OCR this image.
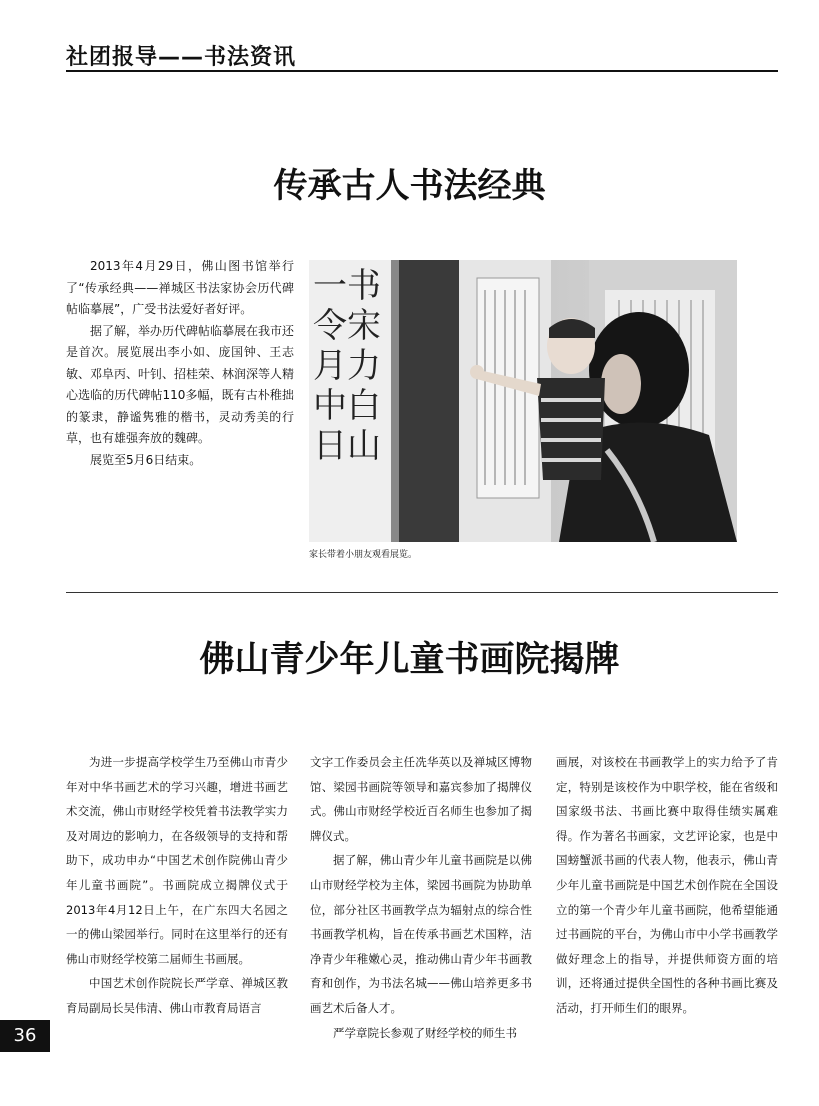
社团报导——书法资讯
传承古人书法经典

2013年4月29日，佛山图书馆举行了“传承经典——禅城区书法家协会历代碑帖临摹展”，广受书法爱好者好评。

据了解，举办历代碑帖临摹展在我市还是首次。展览展出李小如、庞国钟、王志敏、邓阜丙、叶钊、招桂荣、林润深等人精心选临的历代碑帖110多幅，既有古朴稚拙的篆隶，静谧隽雅的楷书，灵动秀美的行草，也有雄强奔放的魏碑。

展览至5月6日结束。

一书
令宋
月力
中白
日山
家长带着小朋友观看展览。
佛山青少年儿童书画院揭牌

为进一步提高学校学生乃至佛山市青少年对中华书画艺术的学习兴趣，增进书画艺术交流，佛山市财经学校凭着书法教学实力及对周边的影响力，在各级领导的支持和帮助下，成功申办“中国艺术创作院佛山青少年儿童书画院”。书画院成立揭牌仪式于2013年4月12日上午，在广东四大名园之一的佛山梁园举行。同时在这里举行的还有佛山市财经学校第二届师生书画展。

中国艺术创作院院长严学章、禅城区教育局副局长吴伟清、佛山市教育局语言

文字工作委员会主任冼华英以及禅城区博物馆、梁园书画院等领导和嘉宾参加了揭牌仪式。佛山市财经学校近百名师生也参加了揭牌仪式。

据了解，佛山青少年儿童书画院是以佛山市财经学校为主体，梁园书画院为协助单位，部分社区书画教学点为辐射点的综合性书画教学机构，旨在传承书画艺术国粹，洁净青少年稚嫩心灵，推动佛山青少年书画教育和创作，为书法名城——佛山培养更多书画艺术后备人才。

严学章院长参观了财经学校的师生书

画展，对该校在书画教学上的实力给予了肯定，特别是该校作为中职学校，能在省级和国家级书法、书画比赛中取得佳绩实属难得。作为著名书画家，文艺评论家，也是中国螃蟹派书画的代表人物，他表示，佛山青少年儿童书画院是中国艺术创作院在全国设立的第一个青少年儿童书画院，他希望能通过书画院的平台，为佛山市中小学书画教学做好理念上的指导，并提供师资方面的培训，还将通过提供全国性的各种书画比赛及活动，打开师生们的眼界。

36
